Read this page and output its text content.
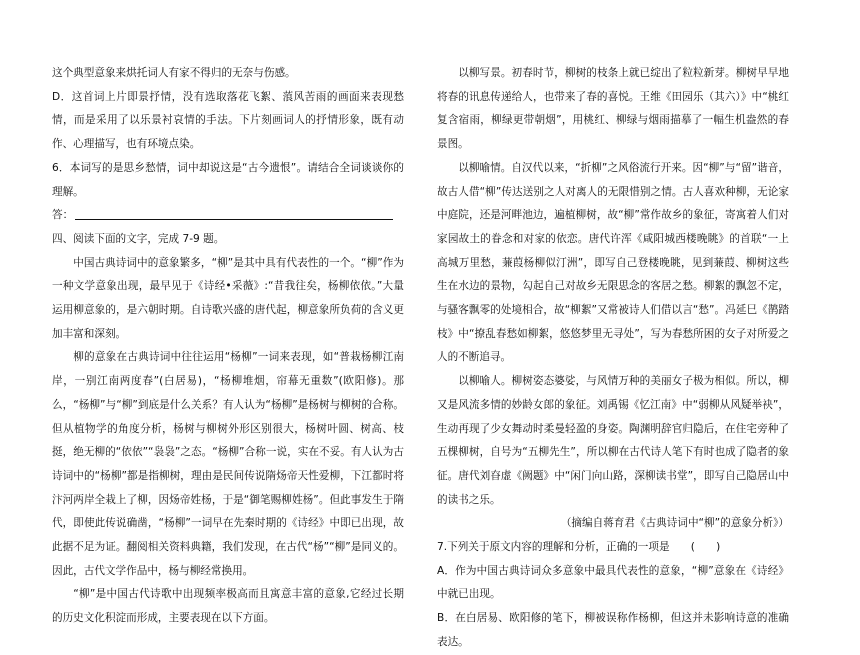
这个典型意象来烘托词人有家不得归的无奈与伤感。

D．这首词上片即景抒情，没有选取落花飞絮、蒗风苦雨的画面来表现愁情，而是采用了以乐景衬哀情的手法。下片刻画词人的抒情形象，既有动作、心理描写，也有环境点染。

6．本词写的是思乡愁情，词中却说这是“古今遗恨”。请结合全词谈谈你的理解。

答：

四、阅读下面的文字，完成 7-9 题。

中国古典诗词中的意象繁多，“柳”是其中具有代表性的一个。“柳”作为一种文学意象出现，最早见于《诗经•采薇》:“昔我往矣，杨柳依依。”大量运用柳意象的，是六朝时期。自诗歌兴盛的唐代起，柳意象所负荷的含义更加丰富和深刻。

柳的意象在古典诗词中往往运用“杨柳”一词来表现，如“普栽杨柳江南岸，一别江南两度春”(白居易)，“杨柳堆烟，帘幕无重数”(欧阳修)。那么，“杨柳”与“柳”到底是什么关系？有人认为“杨柳”是杨树与柳树的合称。但从植物学的角度分析，杨树与柳树外形区别很大，杨树叶圆、树高、枝挺，绝无柳的“依依”“袅袅”之态。“杨柳”合称一说，实在不妥。有人认为古诗词中的“杨柳”都是指柳树，理由是民间传说隋炀帝天性爱柳，下江都时将汴河两岸全栽上了柳，因炀帝姓杨，于是“御笔赐柳姓杨”。但此事发生于隋代，即使此传说确凿，“杨柳”一词早在先秦时期的《诗经》中即已出现，故此据不足为证。翻阅相关资料典籍，我们发现，在古代“杨”“柳”是同义的。因此，古代文学作品中，杨与柳经常换用。

“柳”是中国古代诗歌中出现频率极高而且寓意丰富的意象,它经过长期的历史文化积淀而形成，主要表现在以下方面。

以柳写景。初春时节，柳树的枝条上就已绽出了粒粒新芽。柳树早早地将春的讯息传递给人，也带来了春的喜悦。王维《田园乐（其六）》中“桃红复含宿雨，柳绿更带朝烟”，用桃红、柳绿与烟雨描摹了一幅生机盎然的春景图。

以柳喻情。自汉代以来，“折柳”之风俗流行开来。因“柳”与“留”谐音，故古人借“柳”传达送别之人对离人的无限惜别之情。古人喜欢种柳，无论家中庭院，还是河畔池边，遍植柳树，故“柳”常作故乡的象征，寄寓着人们对家园故土的眷念和对家的依恋。唐代许浑《咸阳城西楼晚眺》的首联“一上高城万里愁，蒹葭杨柳似汀洲”，即写自己登楼晚眺，见到蒹葭、柳树这些生在水边的景物，勾起自己对故乡无限思念的客居之愁。柳絮的飘忽不定，与骚客飘零的处境相合，故“柳絮”又常被诗人们借以言“愁”。冯延巳《鹊踏枝》中“撩乱春愁如柳絮，悠悠梦里无寻处”，写为春愁所困的女子对所爱之人的不断追寻。

以柳喻人。柳树姿态婆娑，与风情万种的美丽女子极为相似。所以，柳又是风流多情的妙龄女郎的象征。刘禹锡《忆江南》中“弱柳从风疑举袂”，生动再现了少女舞动时柔曼轻盈的身姿。陶渊明辞官归隐后，在住宅旁种了五棵柳树，自号为“五柳先生”，所以柳在古代诗人笔下有时也成了隐者的象征。唐代刘昚虚《阙题》中“闲门向山路，深柳读书堂”，即写自己隐居山中的读书之乐。

（摘编自蒋育君《古典诗词中“柳”的意象分析》）

7.下列关于原文内容的理解和分析，正确的一项是　　(　　)

A．作为中国古典诗词众多意象中最具代表性的意象，“柳”意象在《诗经》中就已出现。

B．在白居易、欧阳修的笔下，柳被误称作杨柳，但这并未影响诗意的准确表达。
